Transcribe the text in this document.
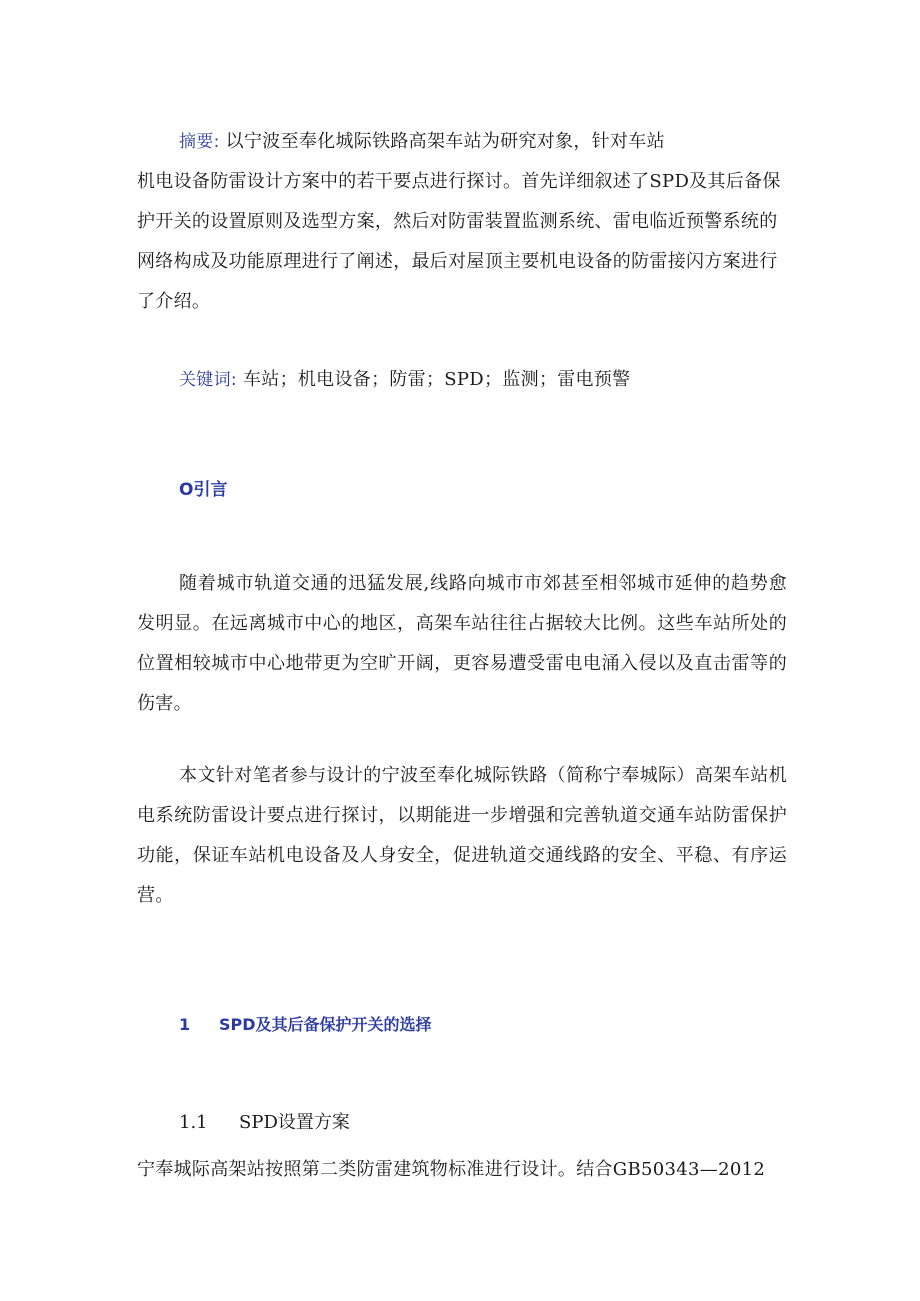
摘要: 以宁波至奉化城际铁路高架车站为研究对象，针对车站
机电设备防雷设计方案中的若干要点进行探讨。首先详细叙述了SPD及其后备保护开关的设置原则及选型方案，然后对防雷装置监测系统、雷电临近预警系统的网络构成及功能原理进行了阐述，最后对屋顶主要机电设备的防雷接闪方案进行了介绍。

关键词: 车站；机电设备；防雷；SPD；监测；雷电预警

O引言

随着城市轨道交通的迅猛发展,线路向城市市郊甚至相邻城市延伸的趋势愈发明显。在远离城市中心的地区，高架车站往往占据较大比例。这些车站所处的位置相较城市中心地带更为空旷开阔，更容易遭受雷电电涌入侵以及直击雷等的伤害。

本文针对笔者参与设计的宁波至奉化城际铁路（简称宁奉城际）高架车站机电系统防雷设计要点进行探讨，以期能进一步增强和完善轨道交通车站防雷保护功能，保证车站机电设备及人身安全，促进轨道交通线路的安全、平稳、有序运营。

1 SPD及其后备保护开关的选择
1.1 SPD设置方案

宁奉城际高架站按照第二类防雷建筑物标准进行设计。结合GB50343—2012
